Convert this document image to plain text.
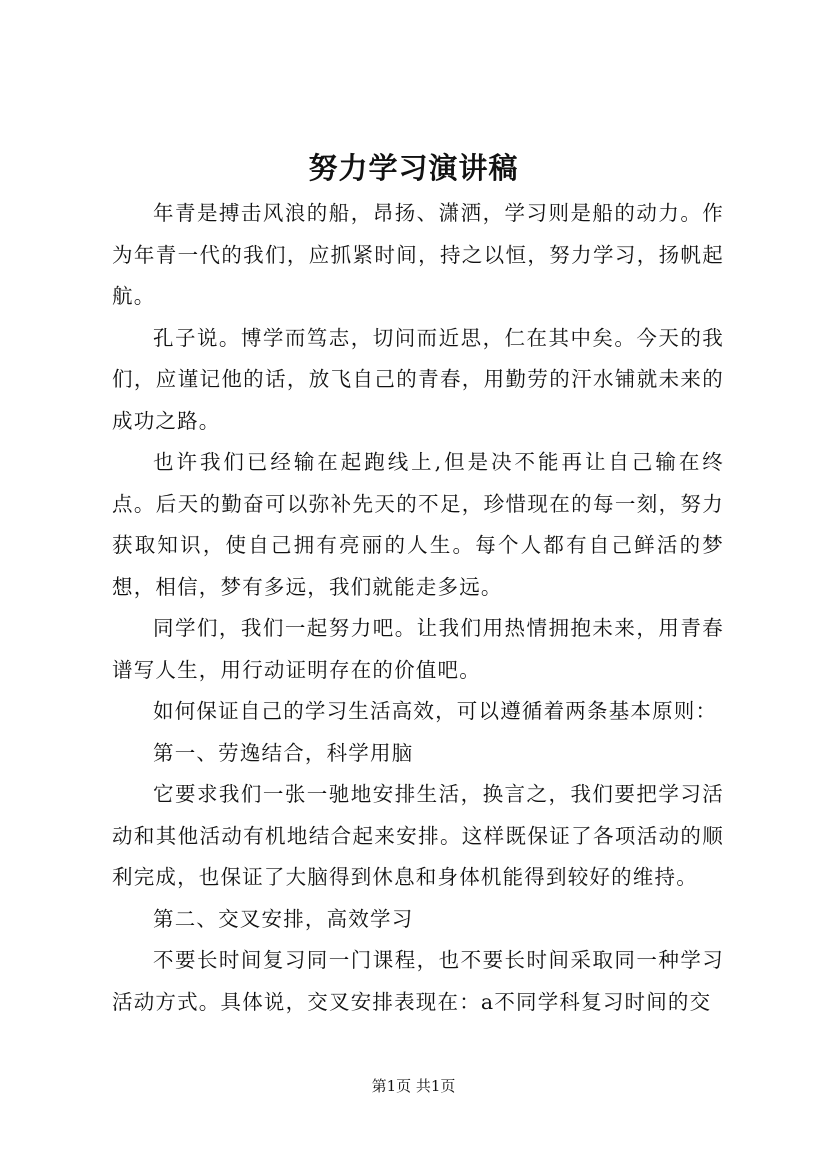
努力学习演讲稿

年青是搏击风浪的船，昂扬、潇洒，学习则是船的动力。作为年青一代的我们，应抓紧时间，持之以恒，努力学习，扬帆起航。

孔子说。博学而笃志，切问而近思，仁在其中矣。今天的我们，应谨记他的话，放飞自己的青春，用勤劳的汗水铺就未来的成功之路。

也许我们已经输在起跑线上,但是决不能再让自己输在终点。后天的勤奋可以弥补先天的不足，珍惜现在的每一刻，努力获取知识，使自己拥有亮丽的人生。每个人都有自己鲜活的梦想，相信，梦有多远，我们就能走多远。

同学们，我们一起努力吧。让我们用热情拥抱未来，用青春谱写人生，用行动证明存在的价值吧。

如何保证自己的学习生活高效，可以遵循着两条基本原则：

第一、劳逸结合，科学用脑

它要求我们一张一驰地安排生活，换言之，我们要把学习活动和其他活动有机地结合起来安排。这样既保证了各项活动的顺利完成，也保证了大脑得到休息和身体机能得到较好的维持。

第二、交叉安排，高效学习

不要长时间复习同一门课程，也不要长时间采取同一种学习活动方式。具体说，交叉安排表现在：a不同学科复习时间的交

第1页 共1页
